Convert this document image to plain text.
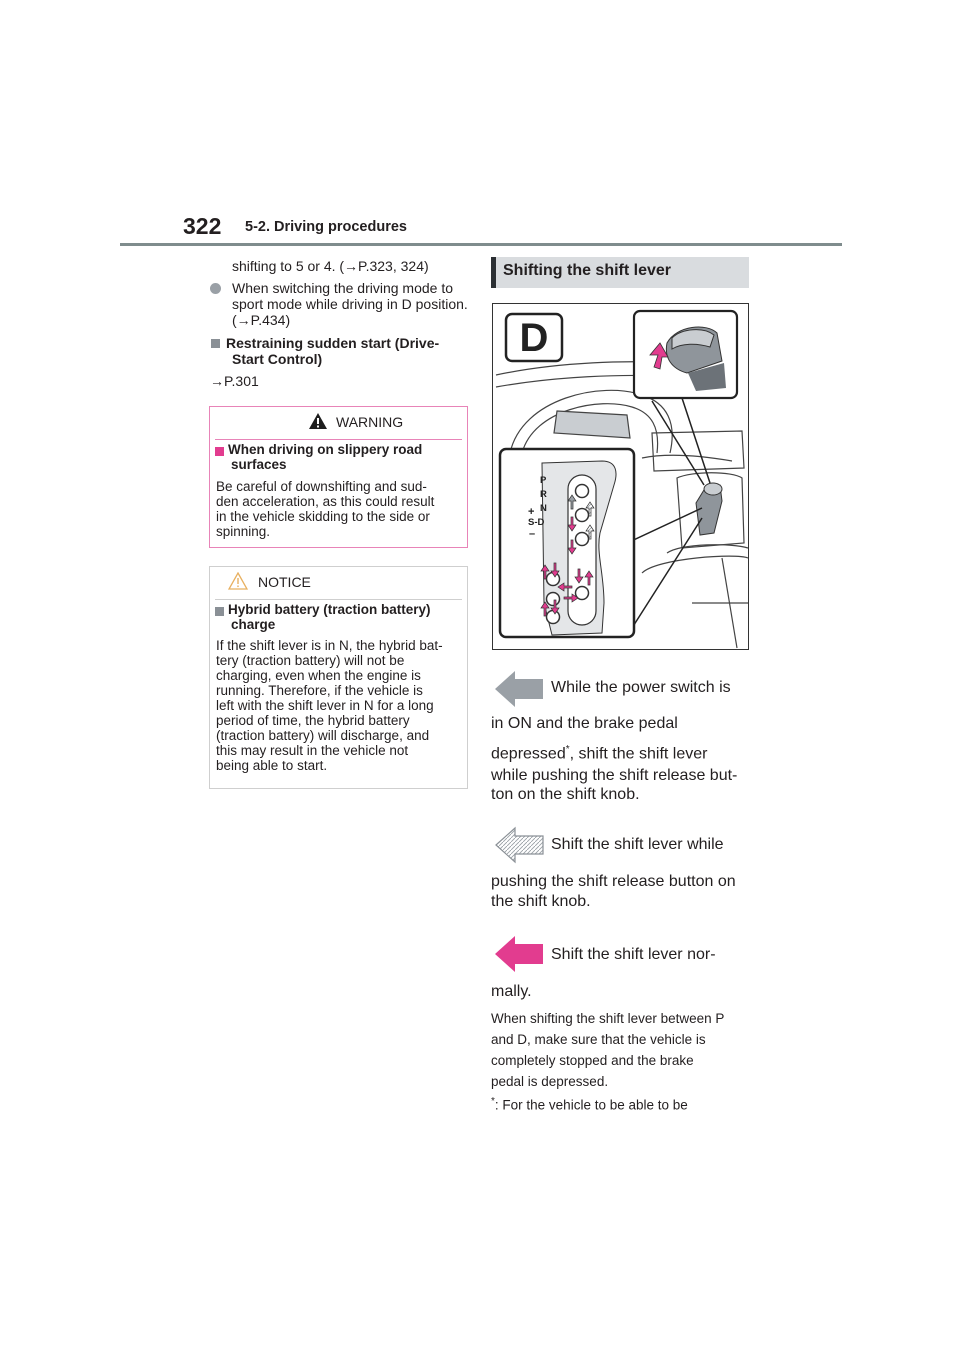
322 5-2. Driving procedures
shifting to 5 or 4. (→P.323, 324)
When switching the driving mode to
sport mode while driving in D position.
(→P.434)
Restraining sudden start (Drive-
Start Control)
→P.301
WARNING
When driving on slippery road
surfaces
Be careful of downshifting and sud-
den acceleration, as this could result
in the vehicle skidding to the side or
spinning.
NOTICE
Hybrid battery (traction battery)
charge
If the shift lever is in N, the hybrid bat-
tery (traction battery) will not be
charging, even when the engine is
running. Therefore, if the vehicle is
left with the shift lever in N for a long
period of time, the hybrid battery
(traction battery) will discharge, and
this may result in the vehicle not
being able to start.
Shifting the shift lever
D
P
R
N
S-D
+
–
While the power switch is
in ON and the brake pedal
depressed*, shift the shift lever
while pushing the shift release but-
ton on the shift knob.
Shift the shift lever while
pushing the shift release button on
the shift knob.
Shift the shift lever nor-
mally.
When shifting the shift lever between P
and D, make sure that the vehicle is
completely stopped and the brake
pedal is depressed.
*: For the vehicle to be able to be
